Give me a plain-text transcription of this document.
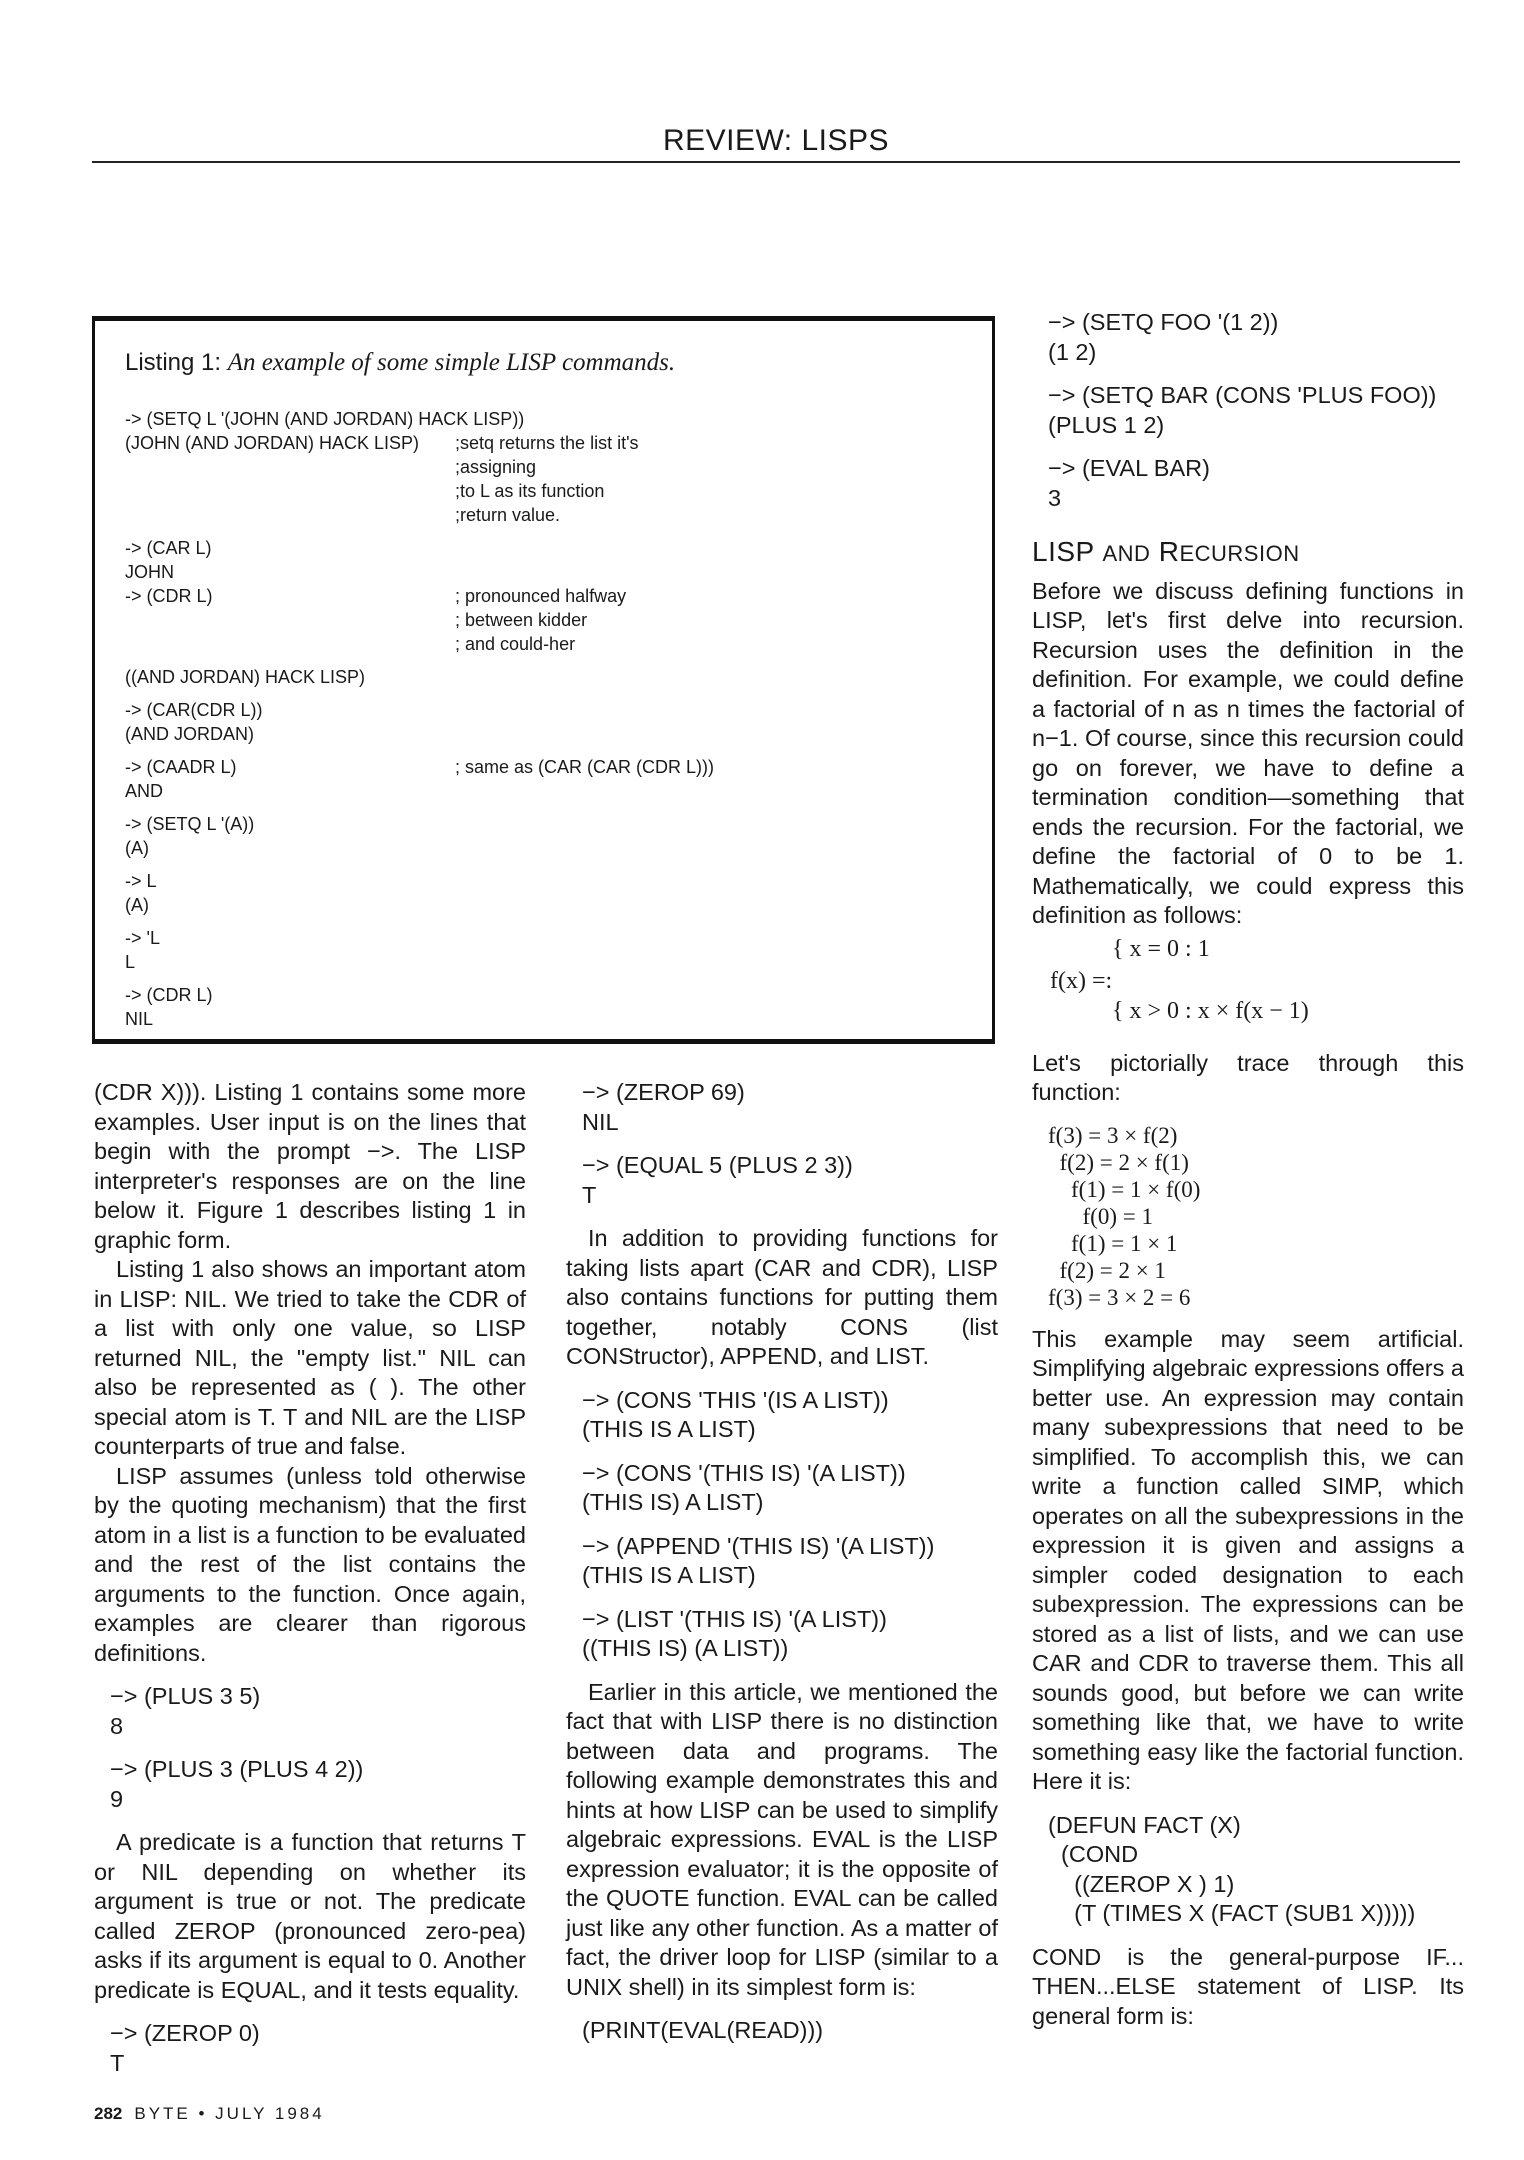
REVIEW: LISPS
Listing 1: An example of some simple LISP commands.
-> (SETQ L '(JOHN (AND JORDAN) HACK LISP))
(JOHN (AND JORDAN) HACK LISP)	;setq returns the list it's
;assigning
;to L as its function
;return value.
-> (CAR L)
JOHN
-> (CDR L)	; pronounced halfway
; between kidder
; and could-her
((AND JORDAN) HACK LISP)
-> (CAR(CDR L))
(AND JORDAN)
-> (CAADR L)	; same as (CAR (CAR (CDR L)))
AND
-> (SETQ L '(A))
(A)
-> L
(A)
-> 'L
L
-> (CDR L)
NIL
(CDR X))). Listing 1 contains some more examples. User input is on the lines that begin with the prompt −>. The LISP interpreter's responses are on the line below it. Figure 1 describes listing 1 in graphic form.
Listing 1 also shows an important atom in LISP: NIL. We tried to take the CDR of a list with only one value, so LISP returned NIL, the "empty list." NIL can also be represented as ( ). The other special atom is T. T and NIL are the LISP counterparts of true and false.
LISP assumes (unless told otherwise by the quoting mechanism) that the first atom in a list is a function to be evaluated and the rest of the list contains the arguments to the function. Once again, examples are clearer than rigorous definitions.
−> (PLUS 3 5)
8
−> (PLUS 3 (PLUS 4 2))
9
A predicate is a function that returns T or NIL depending on whether its argument is true or not. The predicate called ZEROP (pronounced zero-pea) asks if its argument is equal to 0. Another predicate is EQUAL, and it tests equality.
−> (ZEROP 0)
T
−> (ZEROP 69)
NIL
−> (EQUAL 5 (PLUS 2 3))
T
In addition to providing functions for taking lists apart (CAR and CDR), LISP also contains functions for putting them together, notably CONS (list CONStructor), APPEND, and LIST.
−> (CONS 'THIS '(IS A LIST))
(THIS IS A LIST)
−> (CONS '(THIS IS) '(A LIST))
(THIS IS) A LIST)
−> (APPEND '(THIS IS) '(A LIST))
(THIS IS A LIST)
−> (LIST '(THIS IS) '(A LIST))
((THIS IS) (A LIST))
Earlier in this article, we mentioned the fact that with LISP there is no distinction between data and programs. The following example demonstrates this and hints at how LISP can be used to simplify algebraic expressions. EVAL is the LISP expression evaluator; it is the opposite of the QUOTE function. EVAL can be called just like any other function. As a matter of fact, the driver loop for LISP (similar to a UNIX shell) in its simplest form is:
(PRINT(EVAL(READ)))
−> (SETQ FOO '(1 2))
(1 2)
−> (SETQ BAR (CONS 'PLUS FOO))
(PLUS 1 2)
−> (EVAL BAR)
3
LISP AND RECURSION
Before we discuss defining functions in LISP, let's first delve into recursion. Recursion uses the definition in the definition. For example, we could define a factorial of n as n times the factorial of n−1. Of course, since this recursion could go on forever, we have to define a termination condition—something that ends the recursion. For the factorial, we define the factorial of 0 to be 1. Mathematically, we could express this definition as follows:
{ x = 0 : 1
f(x) =:
{ x > 0 : x × f(x − 1)
Let's pictorially trace through this function:
f(3) = 3 × f(2)
f(2) = 2 × f(1)
f(1) = 1 × f(0)
f(0) = 1
f(1) = 1 × 1
f(2) = 2 × 1
f(3) = 3 × 2 = 6
This example may seem artificial. Simplifying algebraic expressions offers a better use. An expression may contain many subexpressions that need to be simplified. To accomplish this, we can write a function called SIMP, which operates on all the subexpressions in the expression it is given and assigns a simpler coded designation to each subexpression. The expressions can be stored as a list of lists, and we can use CAR and CDR to traverse them. This all sounds good, but before we can write something like that, we have to write something easy like the factorial function. Here it is:
(DEFUN FACT (X)
(COND
((ZEROP X ) 1)
(T (TIMES X (FACT (SUB1 X)))))
COND is the general-purpose IF... THEN...ELSE statement of LISP. Its general form is:
282 BYTE • JULY 1984
